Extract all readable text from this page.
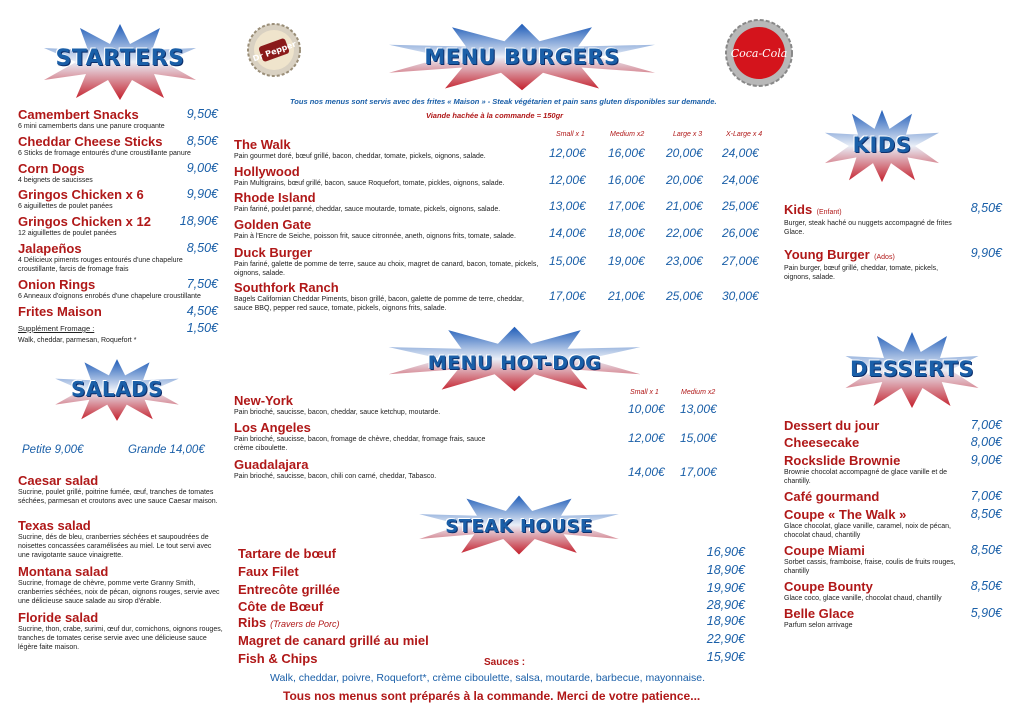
STARTERS
Camembert Snacks
6 mini camemberts dans une panure croquante
9,50€
Cheddar Cheese Sticks
6 Sticks de fromage entourés d'une croustillante panure
8,50€
Corn Dogs
4 beignets de saucisses
9,00€
Gringos Chicken x 6
6 aiguillettes de poulet panées
9,90€
Gringos Chicken x 12
12 aiguillettes de poulet panées
18,90€
Jalapeños
4 Délicieux piments rouges entourés d'une chapelure croustillante, farcis de fromage frais
8,50€
Onion Rings
6 Anneaux d'oignons enrobés d'une chapelure croustillante
7,50€
Frites Maison	4,50€
Supplément Fromage :
Walk, cheddar, parmesan, Roquefort *
1,50€
SALADS
Petite 9,00€	Grande 14,00€
Caesar salad
Sucrine, poulet grillé, poitrine fumée, œuf, tranches de tomates séchées, parmesan et croutons avec une sauce Caesar maison.
Texas salad
Sucrine, dés de bleu, cranberries séchées et saupoudrées de noisettes concassées caramélisées au miel. Le tout servi avec une ravigotante sauce vinaigrette.
Montana salad
Sucrine, fromage de chèvre, pomme verte Granny Smith, cranberries séchées, noix de pécan, oignons rouges, servie avec une délicieuse sauce salade au sirop d'érable.
Floride salad
Sucrine, thon, crabe, surimi, œuf dur, cornichons, oignons rouges, tranches de tomates cerise servie avec une délicieuse sauce légère faite maison.
Dr Pepper	Coca-Cola
MENU BURGERS
Tous nos menus sont servis avec des frites « Maison » - Steak végétarien et pain sans gluten disponibles sur demande.
Viande hachée à la commande = 150gr
Small x 1	Medium x2	Large x 3	X-Large x 4
The Walk
Pain gourmet doré, bœuf grillé, bacon, cheddar, tomate, pickels, oignons, salade.	12,00€ 16,00€ 20,00€ 24,00€
Hollywood
Pain Multigrains, bœuf grillé, bacon, sauce Roquefort, tomate, pickles, oignons, salade.	12,00€ 16,00€ 20,00€ 24,00€
Rhode Island
Pain fariné, poulet panné, cheddar, sauce moutarde, tomate, pickels, oignons, salade.	13,00€ 17,00€ 21,00€ 25,00€
Golden Gate
Pain à l'Encre de Seiche, poisson frit, sauce citronnée, aneth, oignons frits, tomate, salade.	14,00€ 18,00€ 22,00€ 26,00€
Duck Burger
Pain fariné, galette de pomme de terre, sauce au choix, magret de canard, bacon, tomate, pickels, oignons, salade.
15,00€ 19,00€ 23,00€ 27,00€
Southfork Ranch
Bagels Californian Cheddar Piments, bison grillé, bacon, galette de pomme de terre, cheddar, sauce BBQ, pepper red sauce, tomate, pickels, oignons frits, salade.
17,00€ 21,00€ 25,00€ 30,00€
MENU HOT-DOG
Small x 1	Medium x2
New-York
Pain brioché, saucisse, bacon, cheddar, sauce ketchup, moutarde.	10,00€ 13,00€
Los Angeles
Pain brioché, saucisse, bacon, fromage de chèvre, cheddar, fromage frais, sauce crème ciboulette.
12,00€ 15,00€
Guadalajara
Pain brioché, saucisse, bacon, chili con carné, cheddar, Tabasco.	14,00€ 17,00€
STEAK HOUSE
Tartare de bœuf	16,90€
Faux Filet	18,90€
Entrecôte grillée	19,90€
Côte de Bœuf	28,90€
Ribs (Travers de Porc)	18,90€
Magret de canard grillé au miel	22,90€
Fish & Chips	15,90€
Sauces :
Walk, cheddar, poivre, Roquefort*, crème ciboulette, salsa, moutarde, barbecue, mayonnaise.
Tous nos menus sont préparés à la commande. Merci de votre patience...
KIDS
Kids (Enfant)
Burger, steak haché ou nuggets accompagné de frites Glace.
8,50€
Young Burger (Ados)
Pain burger, bœuf grillé, cheddar, tomate, pickels, oignons, salade.
9,90€
DESSERTS
Dessert du jour	7,00€
Cheesecake	8,00€
Rockslide Brownie
Brownie chocolat accompagné de glace vanille et de chantilly.
9,00€
Café gourmand	7,00€
Coupe « The Walk »
Glace chocolat, glace vanille, caramel, noix de pécan, chocolat chaud, chantilly
8,50€
Coupe Miami
Sorbet cassis, framboise, fraise, coulis de fruits rouges, chantilly
8,50€
Coupe Bounty
Glace coco, glace vanille, chocolat chaud, chantilly
8,50€
Belle Glace
Parfum selon arrivage
5,90€
